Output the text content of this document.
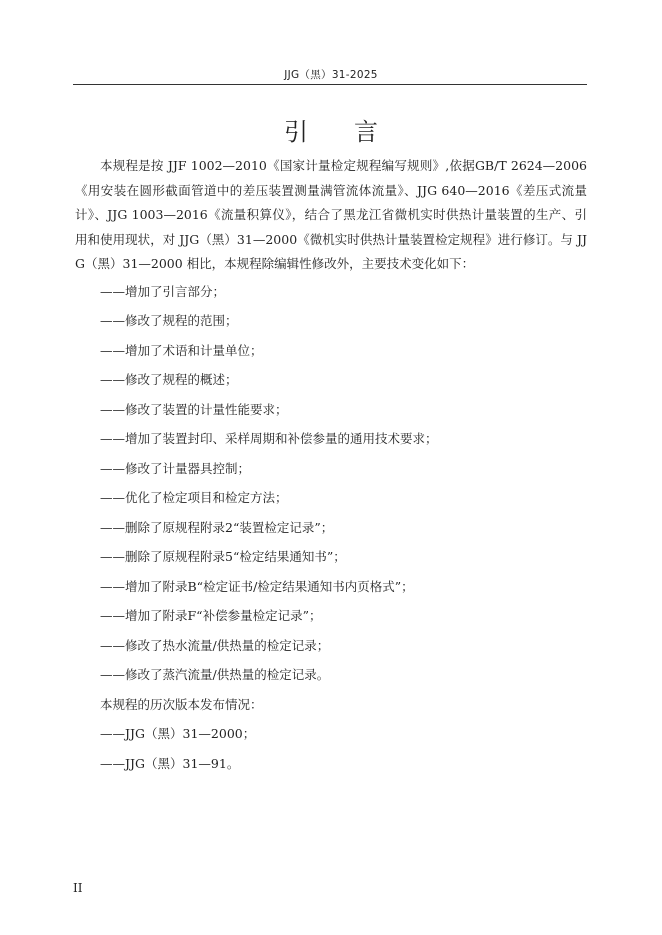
JJG（黑）31-2025
引言

本规程是按 JJF 1002—2010《国家计量检定规程编写规则》,依据GB/T 2624—2006《用安装在圆形截面管道中的差压装置测量满管流体流量》、JJG 640—2016《差压式流量计》、JJG 1003—2016《流量积算仪》，结合了黑龙江省微机实时供热计量装置的生产、引用和使用现状，对 JJG（黑）31—2000《微机实时供热计量装置检定规程》进行修订。与 JJG（黑）31—2000 相比，本规程除编辑性修改外，主要技术变化如下：

——增加了引言部分；
——修改了规程的范围；
——增加了术语和计量单位；
——修改了规程的概述；
——修改了装置的计量性能要求；
——增加了装置封印、采样周期和补偿参量的通用技术要求；
——修改了计量器具控制；
——优化了检定项目和检定方法；
——删除了原规程附录2“装置检定记录”；
——删除了原规程附录5“检定结果通知书”；
——增加了附录B“检定证书/检定结果通知书内页格式”；
——增加了附录F“补偿参量检定记录”；
——修改了热水流量/供热量的检定记录；
——修改了蒸汽流量/供热量的检定记录。
本规程的历次版本发布情况：
——JJG（黑）31—2000；
——JJG（黑）31—91。
II
